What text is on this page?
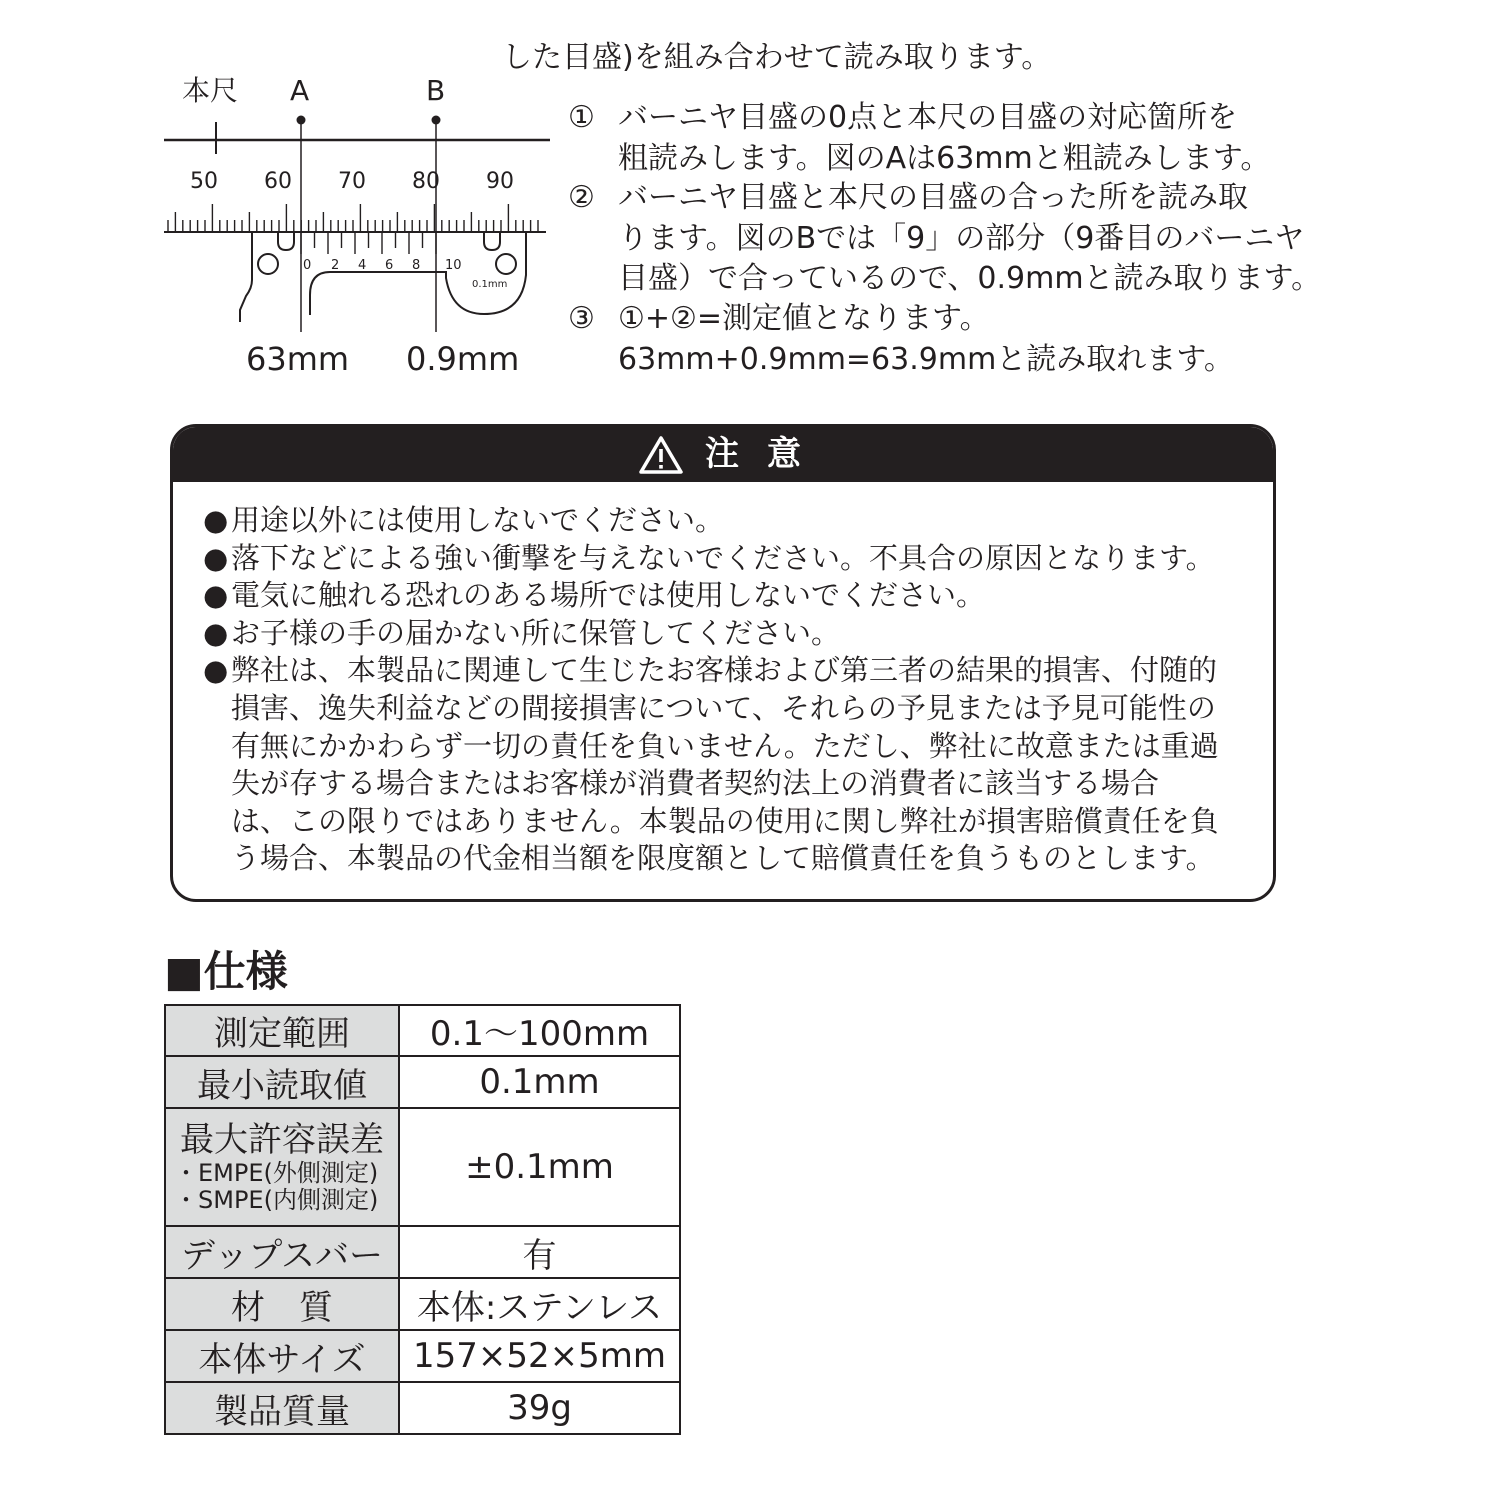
した目盛)を組み合わせて読み取ります。
① バーニヤ目盛の0点と本尺の目盛の対応箇所を
粗読みします。図のAは63mmと粗読みします。
② バーニヤ目盛と本尺の目盛の合った所を読み取
ります。図のBでは「9」の部分（9番目のバーニヤ
目盛）で合っているので、0.9mmと読み取ります。
③ ①+②=測定値となります。
63mm+0.9mm=63.9mmと読み取れます。
本尺 A	B
50 60 70 80 90
0 2 4 6 8 10
0.1mm
63mm 0.9mm
注意
●用途以外には使用しないでください。
●落下などによる強い衝撃を与えないでください。不具合の原因となります。
●電気に触れる恐れのある場所では使用しないでください。
●お子様の手の届かない所に保管してください。
●弊社は、本製品に関連して生じたお客様および第三者の結果的損害、付随的
損害、逸失利益などの間接損害について、それらの予見または予見可能性の
有無にかかわらず一切の責任を負いません。ただし、弊社に故意または重過
失が存する場合またはお客様が消費者契約法上の消費者に該当する場合
は、この限りではありません。本製品の使用に関し弊社が損害賠償責任を負
う場合、本製品の代金相当額を限度額として賠償責任を負うものとします。
■仕様
測定範囲	0.1〜100mm
最小読取値	0.1mm

最大許容誤差
・EMPE(外側測定)
・SMPE(内側測定)	±0.1mm
デップスバー	有
材　質	本体:ステンレス
本体サイズ	157×52×5mm
製品質量	39g
